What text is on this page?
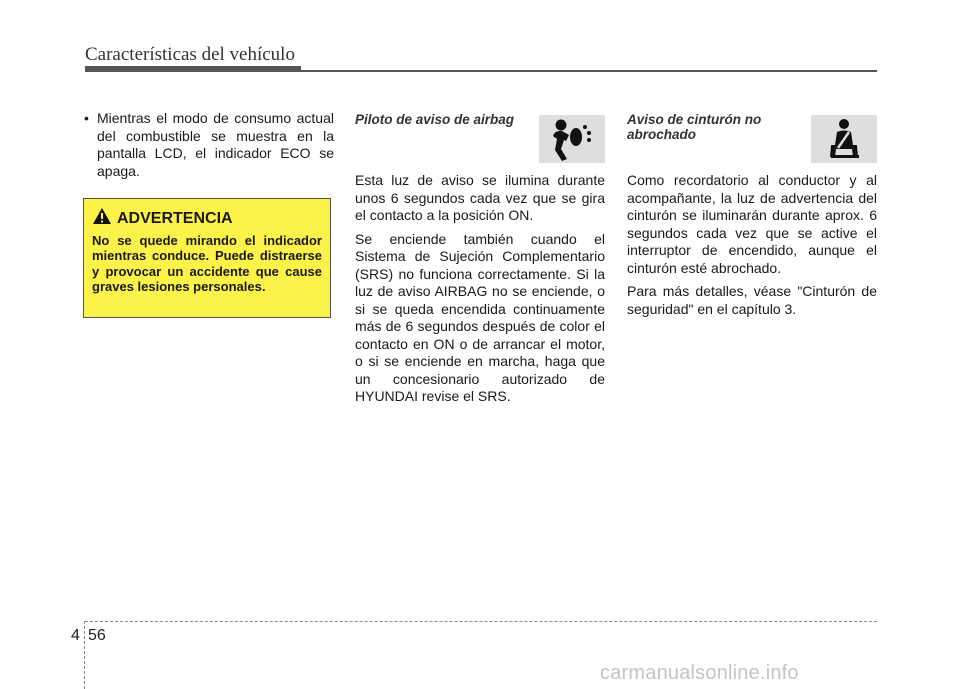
Características del vehículo
• Mientras el modo de consumo actual del combustible se muestra en la pantalla LCD, el indicador ECO se apaga.
ADVERTENCIA
No se quede mirando el indicador mientras conduce. Puede distraerse y provocar un accidente que cause graves lesiones personales.
Piloto de aviso de airbag

Esta luz de aviso se ilumina durante unos 6 segundos cada vez que se gira el contacto a la posición ON.

Se enciende también cuando el Sistema de Sujeción Complementario (SRS) no funciona correctamente. Si la luz de aviso AIRBAG no se enciende, o si se queda encendida continuamente más de 6 segundos después de color el contacto en ON o de arrancar el motor, o si se enciende en marcha, haga que un concesionario autorizado de HYUNDAI revise el SRS.

Aviso de cinturón no abrochado

Como recordatorio al conductor y al acompañante, la luz de advertencia del cinturón se iluminarán durante aprox. 6 segundos cada vez que se active el interruptor de encendido, aunque el cinturón esté abrochado.

Para más detalles, véase "Cinturón de seguridad" en el capítulo 3.

4 56
carmanualsonline.info
